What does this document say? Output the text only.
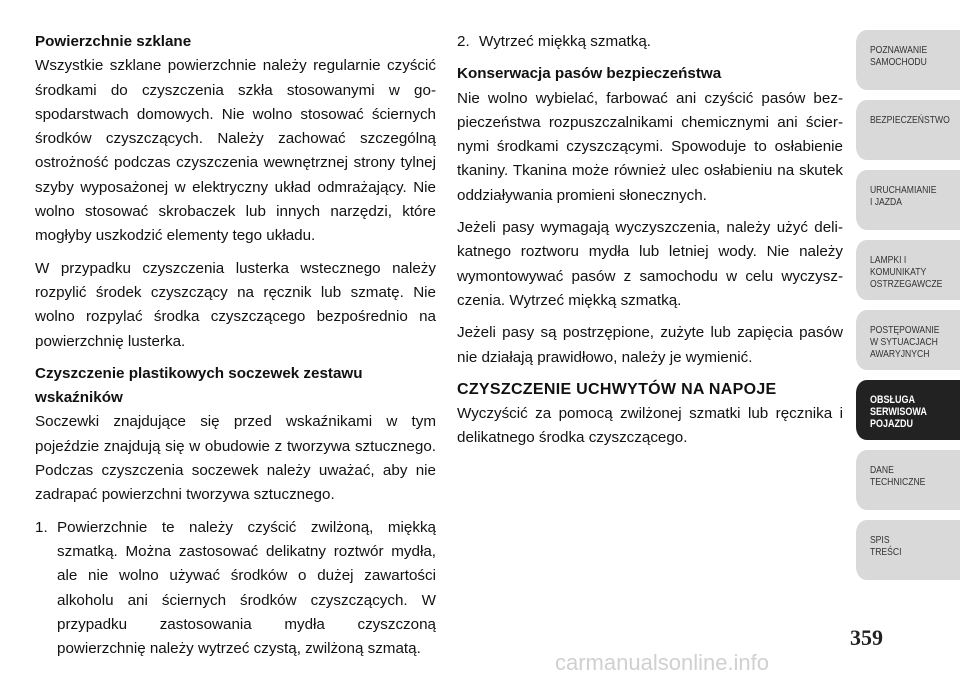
Powierzchnie szklane

Wszystkie szklane powierzchnie należy regularnie czyścić środkami do czyszczenia szkła stosowanymi w gospodarstwach domowych. Nie wolno stosować ściernych środków czyszczących. Należy zachować szczególną ostrożność podczas czyszczenia wewnętrznej strony tylnej szyby wyposażonej w elektryczny układ odmrażający. Nie wolno stosować skrobaczek lub innych narzędzi, które mogłyby uszkodzić elementy tego układu.

W przypadku czyszczenia lusterka wstecznego należy rozpylić środek czyszczący na ręcznik lub szmatę. Nie wolno rozpylać środka czyszczącego bezpośrednio na powierzchnię lusterka.

Czyszczenie plastikowych soczewek zestawu
wskaźników

Soczewki znajdujące się przed wskaźnikami w tym pojeździe znajdują się w obudowie z tworzywa sztucznego. Podczas czyszczenia soczewek należy uważać, aby nie zadrapać powierzchni tworzywa sztucznego.

1. Powierzchnie te należy czyścić zwilżoną, miękką szmatką. Można zastosować delikatny roztwór mydła, ale nie wolno używać środków o dużej zawartości alkoholu ani ściernych środków czyszczących. W przypadku zastosowania mydła czyszczoną powierzchnię należy wytrzeć czystą, zwilżoną szmatą.
2. Wytrzeć miękką szmatką.
Konserwacja pasów bezpieczeństwa

Nie wolno wybielać, farbować ani czyścić pasów bezpieczeństwa rozpuszczalnikami chemicznymi ani ściernymi środkami czyszczącymi. Spowoduje to osłabienie tkaniny. Tkanina może również ulec osłabieniu na skutek oddziaływania promieni słonecznych.

Jeżeli pasy wymagają wyczyszczenia, należy użyć delikatnego roztworu mydła lub letniej wody. Nie należy wymontowywać pasów z samochodu w celu wyczyszczenia. Wytrzeć miękką szmatką.

Jeżeli pasy są postrzępione, zużyte lub zapięcia pasów nie działają prawidłowo, należy je wymienić.

CZYSZCZENIE UCHWYTÓW NA NAPOJE

Wyczyścić za pomocą zwilżonej szmatki lub ręcznika i delikatnego środka czyszczącego.

POZNAWANIE
SAMOCHODU
BEZPIECZEŃSTWO
URUCHAMIANIE
I JAZDA
LAMPKI I
KOMUNIKATY
OSTRZEGAWCZE
POSTĘPOWANIE
W SYTUACJACH
AWARYJNYCH
OBSŁUGA
SERWISOWA
POJAZDU
DANE
TECHNICZNE
SPIS
TREŚCI
359
carmanualsonline.info
